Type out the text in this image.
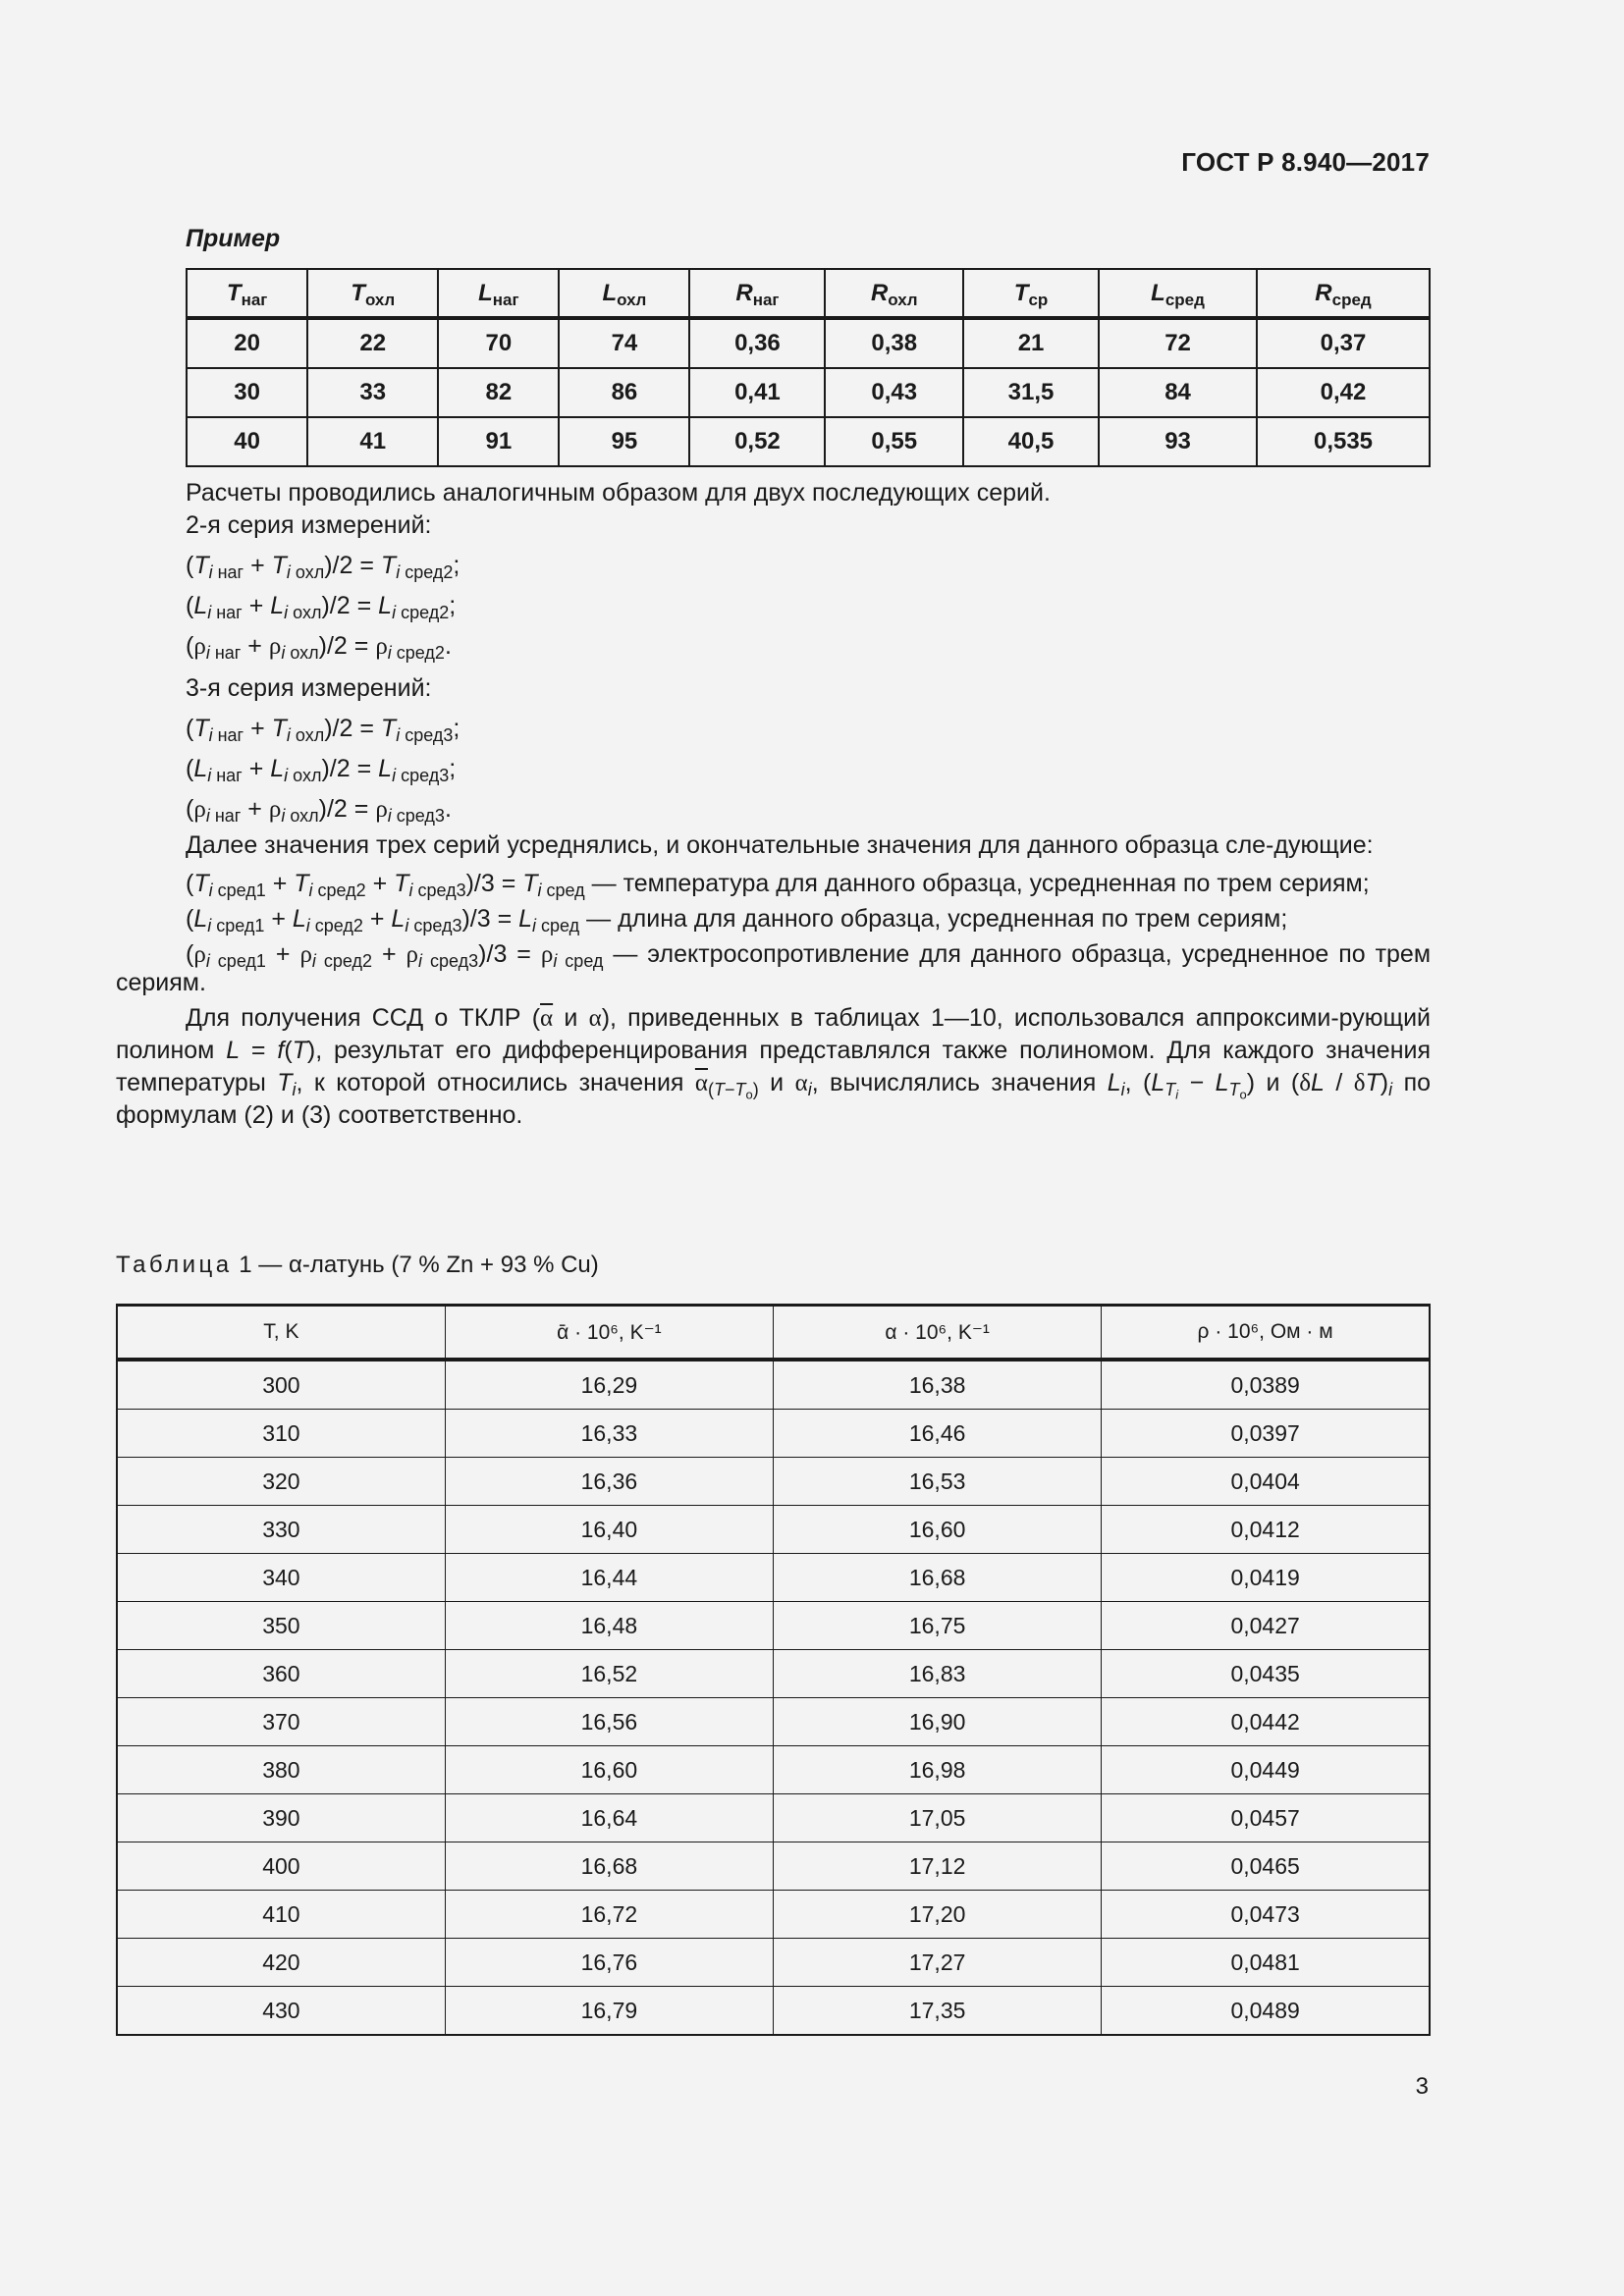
ГОСТ Р 8.940—2017
Пример
$T_{наг}$	$T_{охл}$	$L_{наг}$	$L_{охл}$	$R_{наг}$	$R_{охл}$	$T_{ср}$	$L_{сред}$	$R_{сред}$
20	22	70	74	0,36	0,38	21	72	0,37
30	33	82	86	0,41	0,43	31,5	84	0,42
40	41	91	95	0,52	0,55	40,5	93	0,535
Расчеты проводились аналогичным образом для двух последующих серий.
2-я серия измерений:
$(T_{i наг} + T_{i охл})/2 = T_{i сред2}$;
$(L_{i наг} + L_{i охл})/2 = L_{i сред2}$;
$(\rho_{i наг} + \rho_{i охл})/2 = \rho_{i сред2}$.
3-я серия измерений:
$(T_{i наг} + T_{i охл})/2 = T_{i сред3}$;
$(L_{i наг} + L_{i охл})/2 = L_{i сред3}$;
$(\rho_{i наг} + \rho_{i охл})/2 = \rho_{i сред3}$.
Далее значения трех серий усреднялись, и окончательные значения для данного образца сле-дующие:
$(T_{i сред1} + T_{i сред2} + T_{i сред3})/3 = T_{i сред}$ — температура для данного образца, усредненная по трем сериям;
$(L_{i сред1} + L_{i сред2} + L_{i сред3})/3 = L_{i сред}$ — длина для данного образца, усредненная по трем сериям;
$(\rho_{i сред1} + \rho_{i сред2} + \rho_{i сред3})/3 = \rho_{i сред}$ — электросопротивление для данного образца, усредненное по трем сериям.
Для получения ССД о ТКЛР ($\overline{\alpha}$ и α), приведенных в таблицах 1—10, использовался аппроксими-рующий полином L = f(T), результат его дифференцирования представлялся также полиномом. Для каждого значения температуры $T_i$, к которой относились значения $\overline{\alpha}_{(T-T_о)}$ и $\alpha_i$, вычислялись значения $L_i$, $(L_{T_i} - L_{T_о})$ и $(\delta L / \delta T)_i$ по формулам (2) и (3) соответственно.
Таблица 1 — α-латунь (7 % Zn + 93 % Cu)
T, K	ᾱ · 10⁶, K⁻¹	α · 10⁶, K⁻¹	ρ · 10⁶, Ом · м
300	16,29	16,38	0,0389
310	16,33	16,46	0,0397
320	16,36	16,53	0,0404
330	16,40	16,60	0,0412
340	16,44	16,68	0,0419
350	16,48	16,75	0,0427
360	16,52	16,83	0,0435
370	16,56	16,90	0,0442
380	16,60	16,98	0,0449
390	16,64	17,05	0,0457
400	16,68	17,12	0,0465
410	16,72	17,20	0,0473
420	16,76	17,27	0,0481
430	16,79	17,35	0,0489
3
